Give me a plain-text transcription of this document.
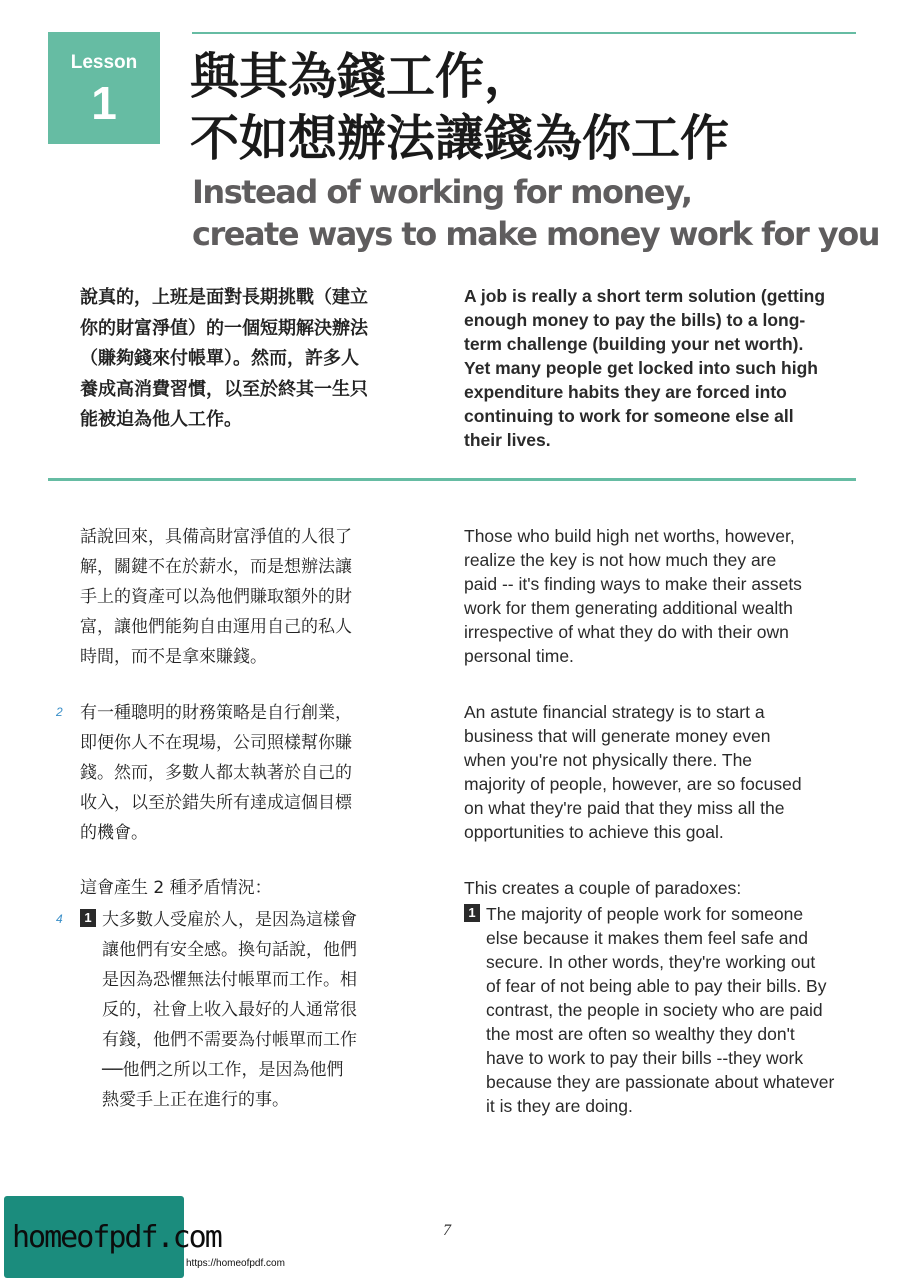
Lesson
1	與其為錢工作，
不如想辦法讓錢為你工作
Instead of working for money,
create ways to make money work for you
說真的，上班是面對長期挑戰（建立
你的財富淨值）的一個短期解決辦法
（賺夠錢來付帳單）。然而，許多人
養成高消費習慣，以至於終其一生只
能被迫為他人工作。
A job is really a short term solution (getting
enough money to pay the bills) to a long-
term challenge (building your net worth).
Yet many people get locked into such high
expenditure habits they are forced into
continuing to work for someone else all
their lives.
話說回來，具備高財富淨值的人很了
解，關鍵不在於薪水，而是想辦法讓
手上的資產可以為他們賺取額外的財
富，讓他們能夠自由運用自己的私人
時間，而不是拿來賺錢。
Those who build high net worths, however,
realize the key is not how much they are
paid -- it's finding ways to make their assets
work for them generating additional wealth
irrespective of what they do with their own
personal time.
2 有一種聰明的財務策略是自行創業，
即便你人不在現場，公司照樣幫你賺
錢。然而，多數人都太執著於自己的
收入，以至於錯失所有達成這個目標
的機會。
An astute financial strategy is to start a
business that will generate money even
when you're not physically there. The
majority of people, however, are so focused
on what they're paid that they miss all the
opportunities to achieve this goal.
這會產生 2 種矛盾情況：	This creates a couple of paradoxes:
4	1 大多數人受雇於人，是因為這樣會
讓他們有安全感。換句話說，他們
是因為恐懼無法付帳單而工作。相
反的，社會上收入最好的人通常很
有錢，他們不需要為付帳單而工作
──他們之所以工作，是因為他們
熱愛手上正在進行的事。
1 The majority of people work for someone
else because it makes them feel safe and
secure. In other words, they're working out
of fear of not being able to pay their bills. By
contrast, the people in society who are paid
the most are often so wealthy they don't
have to work to pay their bills --they work
because they are passionate about whatever
it is they are doing.
7
homeofpdf.com
https://homeofpdf.com
